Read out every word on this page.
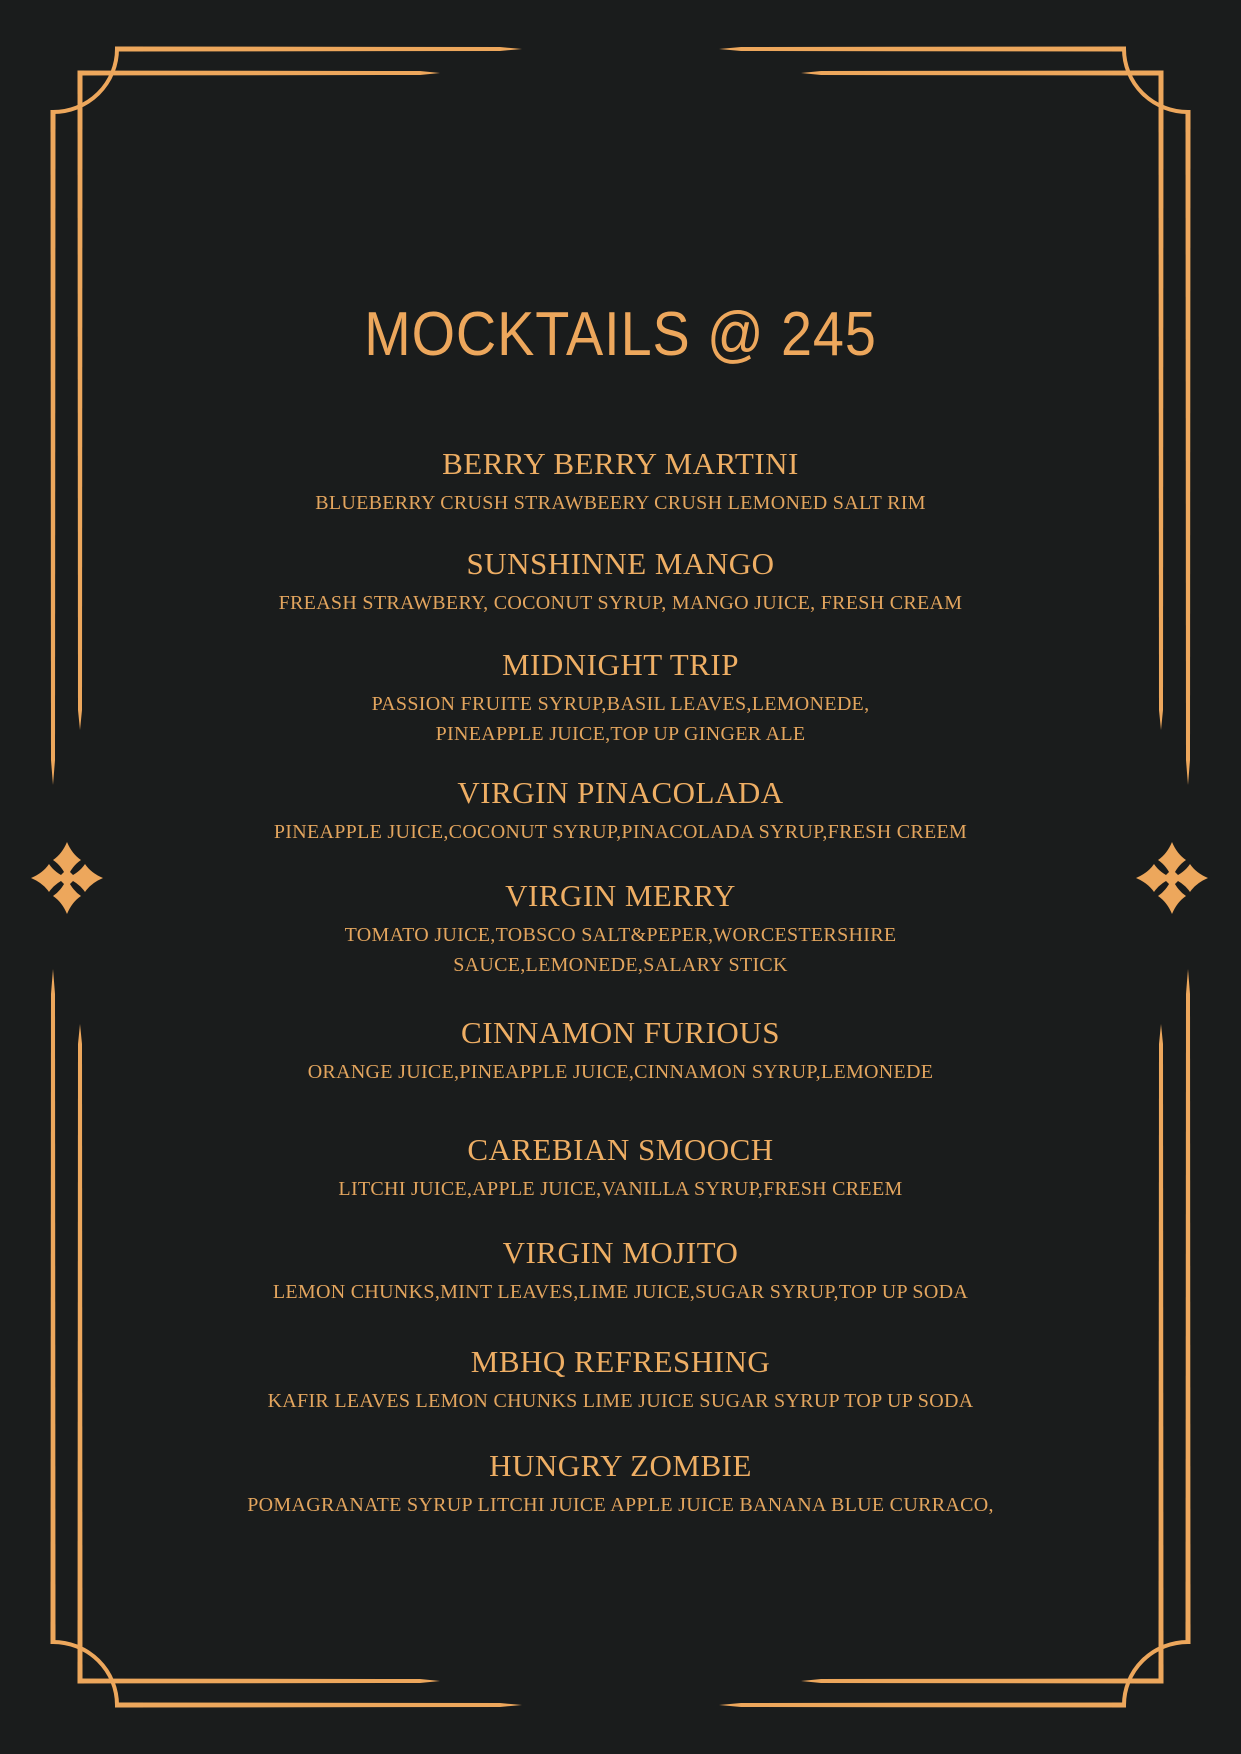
MOCKTAILS @ 245
BERRY BERRY MARTINI
BLUEBERRY CRUSH STRAWBEERY CRUSH LEMONED SALT RIM
SUNSHINNE MANGO
FREASH STRAWBERY, COCONUT SYRUP, MANGO JUICE, FRESH CREAM
MIDNIGHT TRIP
PASSION FRUITE SYRUP,BASIL LEAVES,LEMONEDE,
PINEAPPLE JUICE,TOP UP GINGER ALE
VIRGIN PINACOLADA
PINEAPPLE JUICE,COCONUT SYRUP,PINACOLADA SYRUP,FRESH CREEM
VIRGIN MERRY
TOMATO JUICE,TOBSCO SALT&PEPER,WORCESTERSHIRE
SAUCE,LEMONEDE,SALARY STICK
CINNAMON FURIOUS
ORANGE JUICE,PINEAPPLE JUICE,CINNAMON SYRUP,LEMONEDE
CAREBIAN SMOOCH
LITCHI JUICE,APPLE JUICE,VANILLA SYRUP,FRESH CREEM
VIRGIN MOJITO
LEMON CHUNKS,MINT LEAVES,LIME JUICE,SUGAR SYRUP,TOP UP SODA
MBHQ REFRESHING
KAFIR LEAVES LEMON CHUNKS LIME JUICE SUGAR SYRUP TOP UP SODA
HUNGRY ZOMBIE
POMAGRANATE SYRUP LITCHI JUICE APPLE JUICE BANANA BLUE CURRACO,
